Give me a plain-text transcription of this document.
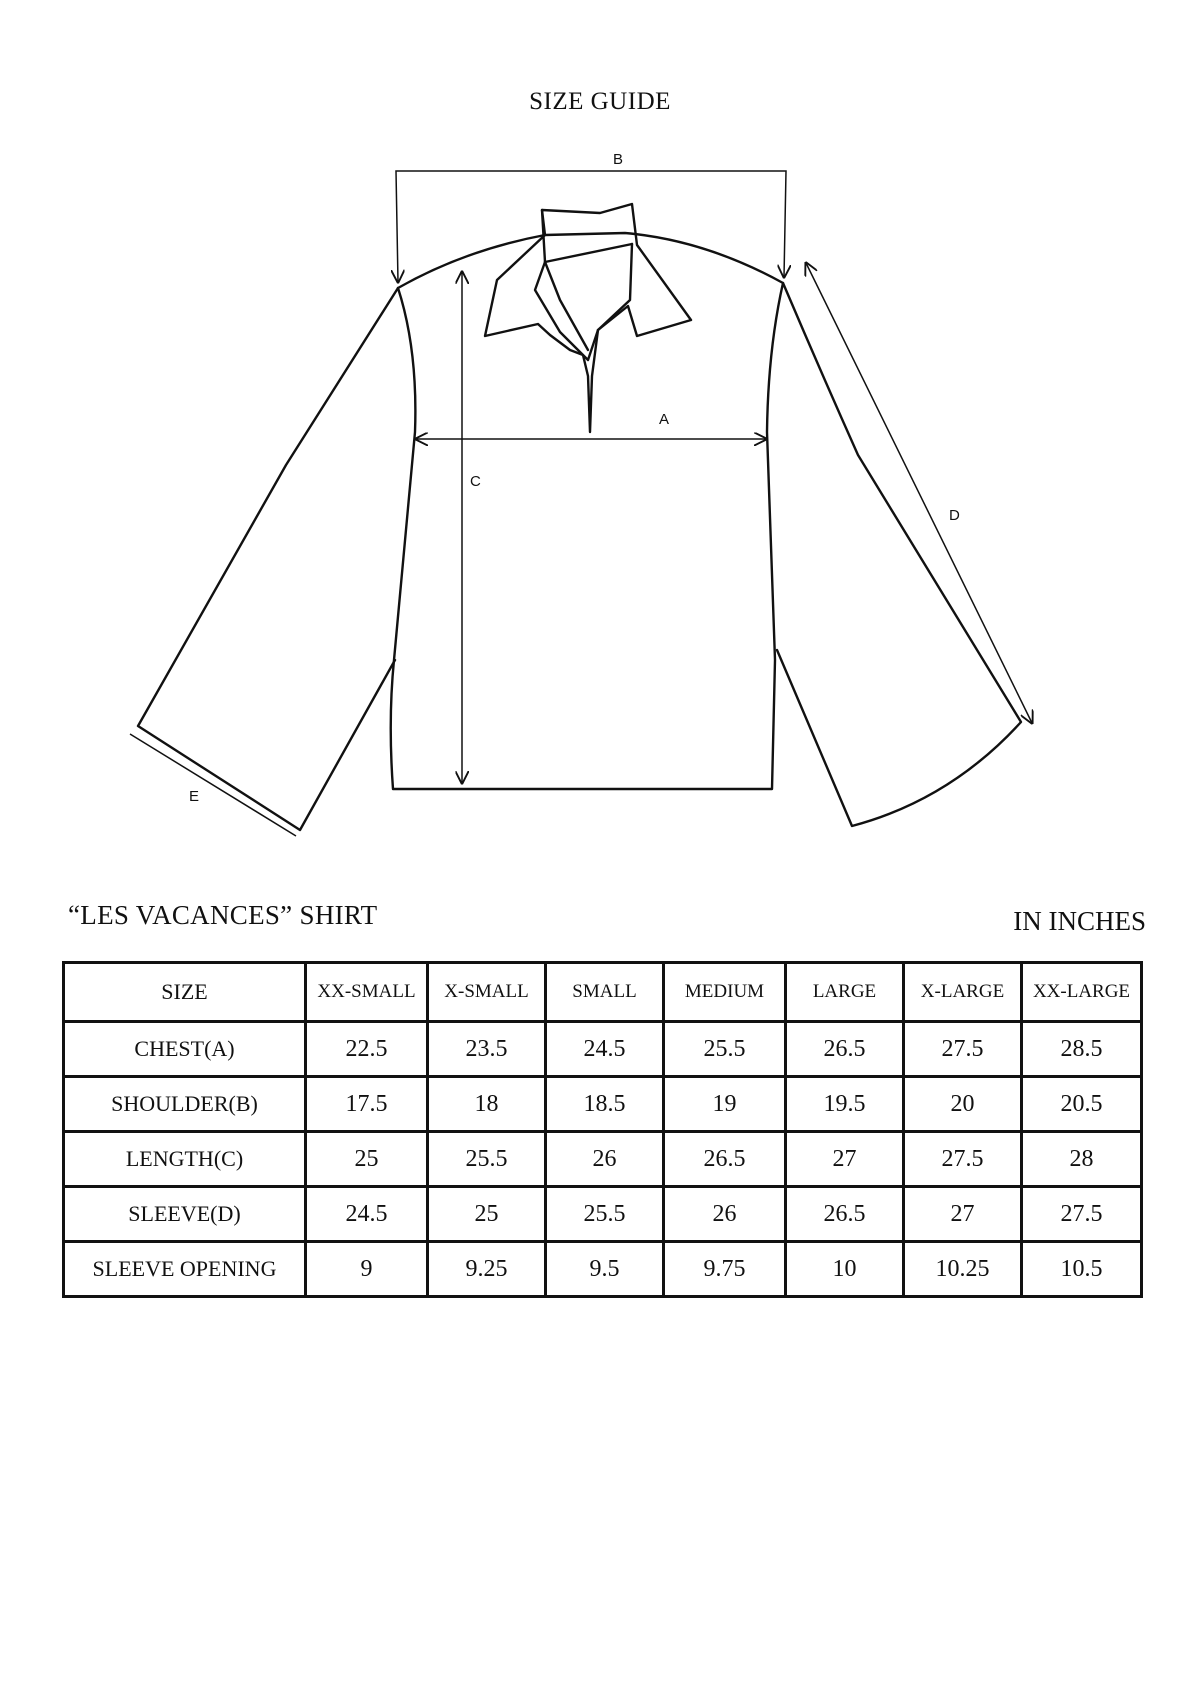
SIZE GUIDE
B
A
C
D
E
“LES VACANCES” SHIRT	IN INCHES
SIZE	XX-SMALL	X-SMALL	SMALL	MEDIUM	LARGE	X-LARGE	XX-LARGE
CHEST(A)	22.5	23.5	24.5	25.5	26.5	27.5	28.5
SHOULDER(B)	17.5	18	18.5	19	19.5	20	20.5
LENGTH(C)	25	25.5	26	26.5	27	27.5	28
SLEEVE(D)	24.5	25	25.5	26	26.5	27	27.5
SLEEVE OPENING	9	9.25	9.5	9.75	10	10.25	10.5
